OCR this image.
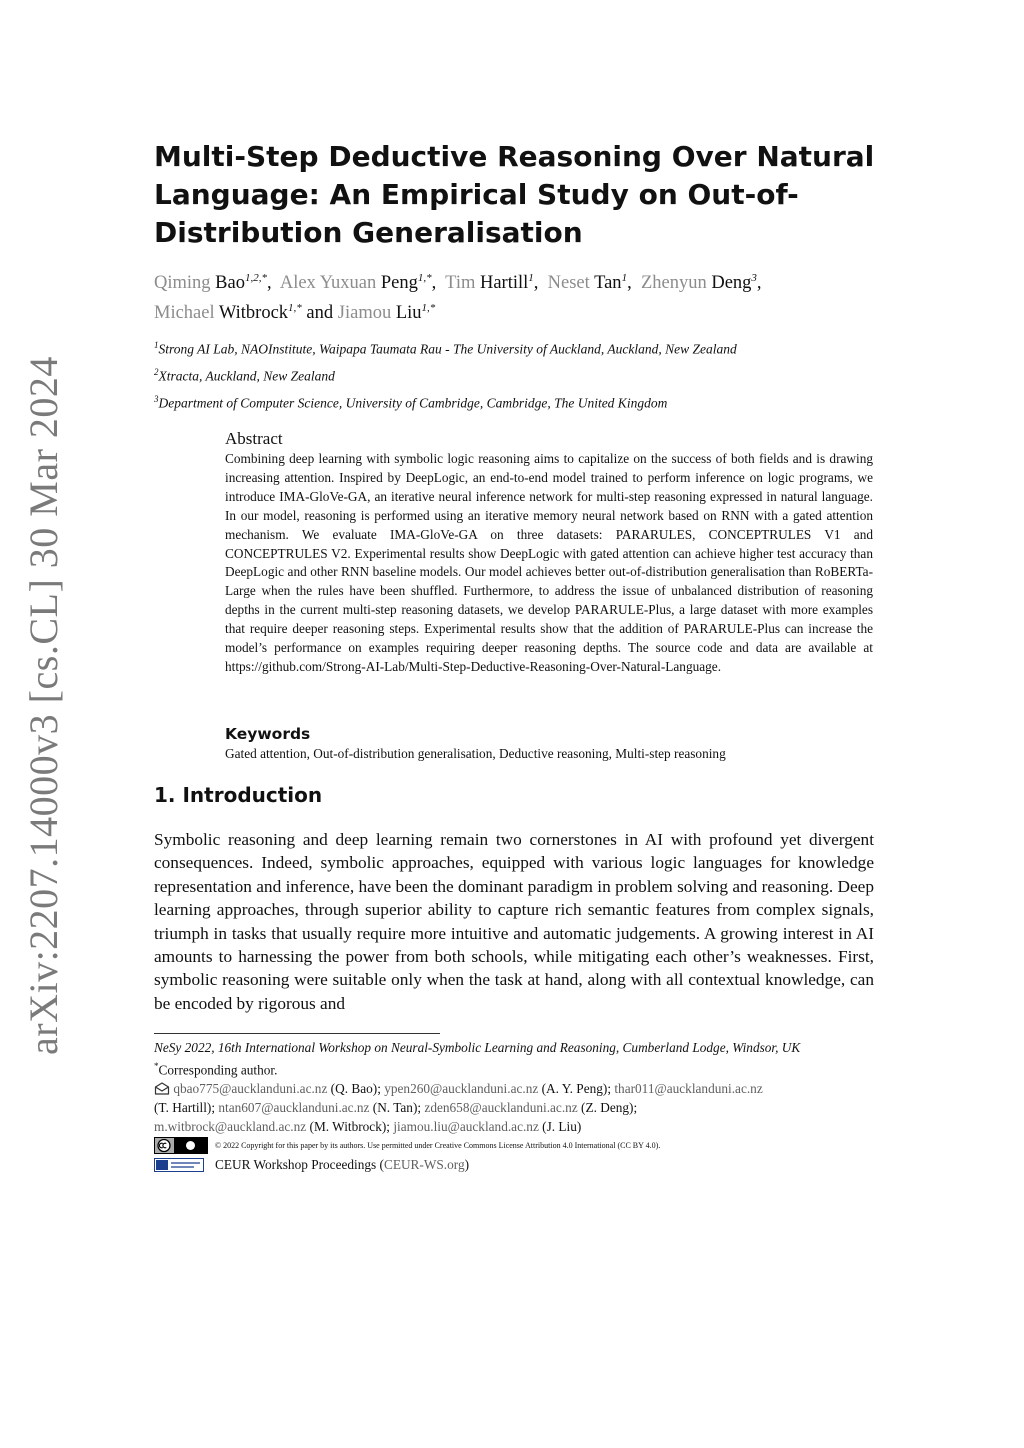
arXiv:2207.14000v3 [cs.CL] 30 Mar 2024
Multi-Step Deductive Reasoning Over Natural Language: An Empirical Study on Out-of-Distribution Generalisation
Qiming Bao$^{1,2,*}$,  Alex Yuxuan Peng$^{1,*}$,  Tim Hartill$^1$,  Neset Tan$^1$,  Zhenyun Deng$^3$,
Michael Witbrock$^{1,*}$ and Jiamou Liu$^{1,*}$
$^1$Strong AI Lab, NAOInstitute, Waipapa Taumata Rau - The University of Auckland, Auckland, New Zealand
$^2$Xtracta, Auckland, New Zealand
$^3$Department of Computer Science, University of Cambridge, Cambridge, The United Kingdom
Abstract
Combining deep learning with symbolic logic reasoning aims to capitalize on the success of both fields and is drawing increasing attention. Inspired by DeepLogic, an end-to-end model trained to perform inference on logic programs, we introduce IMA-GloVe-GA, an iterative neural inference network for multi-step reasoning expressed in natural language. In our model, reasoning is performed using an iterative memory neural network based on RNN with a gated attention mechanism. We evaluate IMA-GloVe-GA on three datasets: PARARULES, CONCEPTRULES V1 and CONCEPTRULES V2. Experimental results show DeepLogic with gated attention can achieve higher test accuracy than DeepLogic and other RNN baseline models. Our model achieves better out-of-distribution generalisation than RoBERTa-Large when the rules have been shuffled. Furthermore, to address the issue of unbalanced distribution of reasoning depths in the current multi-step reasoning datasets, we develop PARARULE-Plus, a large dataset with more examples that require deeper reasoning steps. Experimental results show that the addition of PARARULE-Plus can increase the model’s performance on examples requiring deeper reasoning depths. The source code and data are available at https://github.com/Strong-AI-Lab/Multi-Step-Deductive-Reasoning-Over-Natural-Language.
Keywords
Gated attention, Out-of-distribution generalisation, Deductive reasoning, Multi-step reasoning
1. Introduction
Symbolic reasoning and deep learning remain two cornerstones in AI with profound yet divergent consequences. Indeed, symbolic approaches, equipped with various logic languages for knowledge representation and inference, have been the dominant paradigm in problem solving and reasoning. Deep learning approaches, through superior ability to capture rich semantic features from complex signals, triumph in tasks that usually require more intuitive and automatic judgements. A growing interest in AI amounts to harnessing the power from both schools, while mitigating each other’s weaknesses. First, symbolic reasoning were suitable only when the task at hand, along with all contextual knowledge, can be encoded by rigorous and
NeSy 2022, 16th International Workshop on Neural-Symbolic Learning and Reasoning, Cumberland Lodge, Windsor, UK
*Corresponding author.
qbao775@aucklanduni.ac.nz (Q. Bao); ypen260@aucklanduni.ac.nz (A. Y. Peng); thar011@aucklanduni.ac.nz
(T. Hartill); ntan607@aucklanduni.ac.nz (N. Tan); zden658@aucklanduni.ac.nz (Z. Deng);
m.witbrock@auckland.ac.nz (M. Witbrock); jiamou.liu@auckland.ac.nz (J. Liu)
© 2022 Copyright for this paper by its authors. Use permitted under Creative Commons License Attribution 4.0 International (CC BY 4.0).
CEUR Workshop Proceedings ( CEUR-WS.org )
